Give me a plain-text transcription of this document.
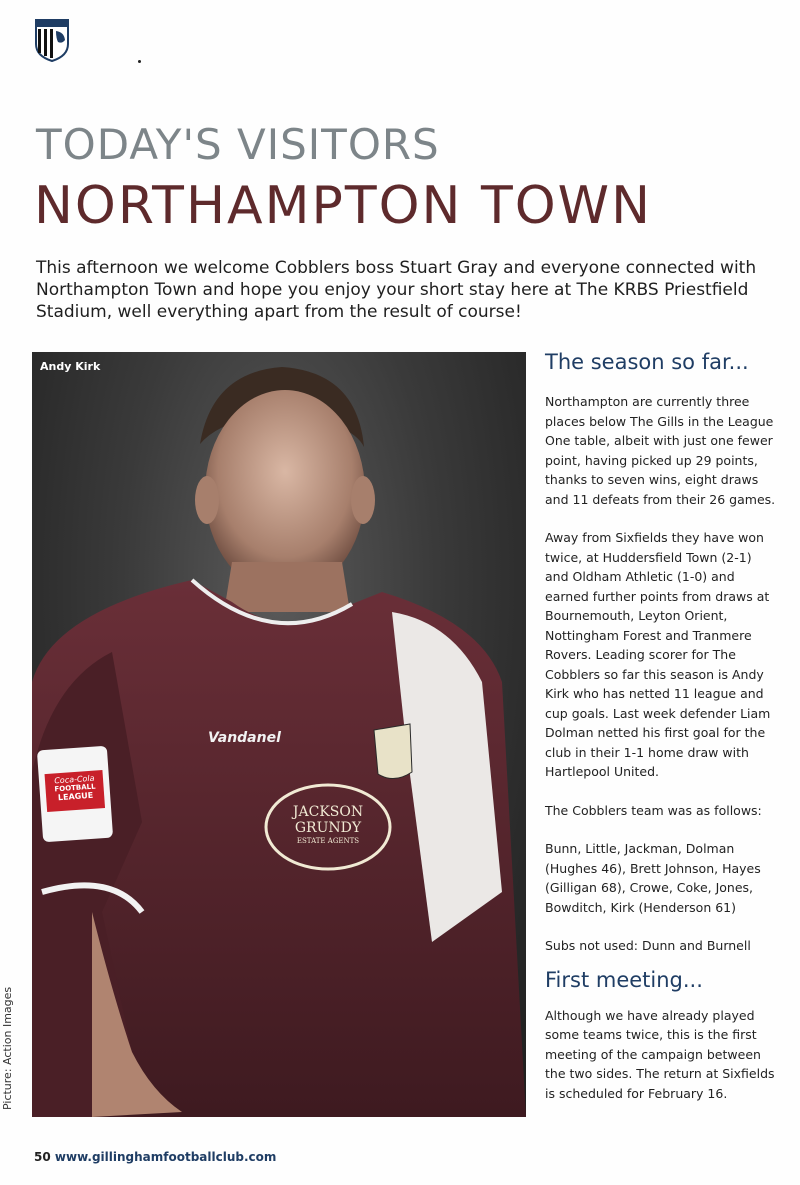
TODAY'S VISITORS
NORTHAMPTON TOWN
This afternoon we welcome Cobblers boss Stuart Gray and everyone connected with Northampton Town and hope you enjoy your short stay here at The KRBS Priestfield Stadium, well everything apart from the result of course!
Andy Kirk
Vandanel
JACKSON
GRUNDY
ESTATE AGENTS
Coca-Cola
FOOTBALL
LEAGUE
Picture: Action Images
The season so far...

Northampton are currently three places below The Gills in the League One table, albeit with just one fewer point, having picked up 29 points, thanks to seven wins, eight draws and 11 defeats from their 26 games.

Away from Sixfields they have won twice, at Huddersfield Town (2-1) and Oldham Athletic (1-0) and earned further points from draws at Bournemouth, Leyton Orient, Nottingham Forest and Tranmere Rovers. Leading scorer for The Cobblers so far this season is Andy Kirk who has netted 11 league and cup goals. Last week defender Liam Dolman netted his first goal for the club in their 1-1 home draw with Hartlepool United.

The Cobblers team was as follows:

Bunn, Little, Jackman, Dolman (Hughes 46), Brett Johnson, Hayes (Gilligan 68), Crowe, Coke, Jones, Bowditch, Kirk (Henderson 61)

Subs not used: Dunn and Burnell

First meeting...

Although we have already played some teams twice, this is the first meeting of the campaign between the two sides. The return at Sixfields is scheduled for February 16.

50 www.gillinghamfootballclub.com
